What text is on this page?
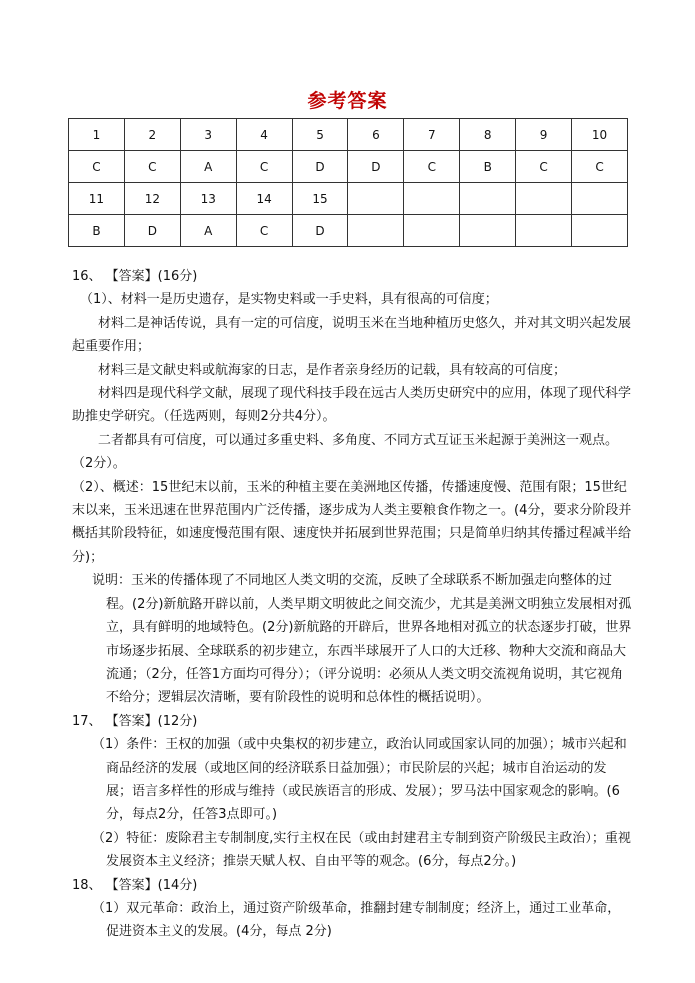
参考答案
1	2	3	4	5	6	7	8	9	10
C	C	A	C	D	D	C	B	C	C
11	12	13	14	15					
B	D	A	C	D					

16、 【答案】(16分)

（1）、材料一是历史遗存，是实物史料或一手史料，具有很高的可信度；

材料二是神话传说，具有一定的可信度，说明玉米在当地种植历史悠久，并对其文明兴起发展起重要作用；

材料三是文献史料或航海家的日志，是作者亲身经历的记载，具有较高的可信度；

材料四是现代科学文献，展现了现代科技手段在远古人类历史研究中的应用，体现了现代科学助推史学研究。（任选两则，每则2分共4分）。

二者都具有可信度，可以通过多重史料、多角度、不同方式互证玉米起源于美洲这一观点。（2分）。

（2）、概述：15世纪末以前，玉米的种植主要在美洲地区传播，传播速度慢、范围有限；15世纪末以来，玉米迅速在世界范围内广泛传播，逐步成为人类主要粮食作物之一。(4分，要求分阶段并概括其阶段特征，如速度慢范围有限、速度快并拓展到世界范围；只是简单归纳其传播过程减半给分)；

说明：玉米的传播体现了不同地区人类文明的交流，反映了全球联系不断加强走向整体的过程。(2分)新航路开辟以前，人类早期文明彼此之间交流少，尤其是美洲文明独立发展相对孤立，具有鲜明的地域特色。(2分)新航路的开辟后，世界各地相对孤立的状态逐步打破，世界市场逐步拓展、全球联系的初步建立，东西半球展开了人口的大迁移、物种大交流和商品大流通；（2分，任答1方面均可得分）；（评分说明：必须从人类文明交流视角说明，其它视角不给分；逻辑层次清晰，要有阶段性的说明和总体性的概括说明）。

17、 【答案】(12分)

（1）条件：王权的加强（或中央集权的初步建立，政治认同或国家认同的加强）；城市兴起和商品经济的发展（或地区间的经济联系日益加强）；市民阶层的兴起；城市自治运动的发展；语言多样性的形成与维持（或民族语言的形成、发展）；罗马法中国家观念的影响。(6分，每点2分，任答3点即可。)

（2）特征：废除君主专制制度,实行主权在民（或由封建君主专制到资产阶级民主政治）；重视发展资本主义经济；推崇天赋人权、自由平等的观念。(6分，每点2分。)

18、 【答案】(14分)

（1）双元革命：政治上，通过资产阶级革命，推翻封建专制制度；经济上，通过工业革命，促进资本主义的发展。(4分，每点 2分)
